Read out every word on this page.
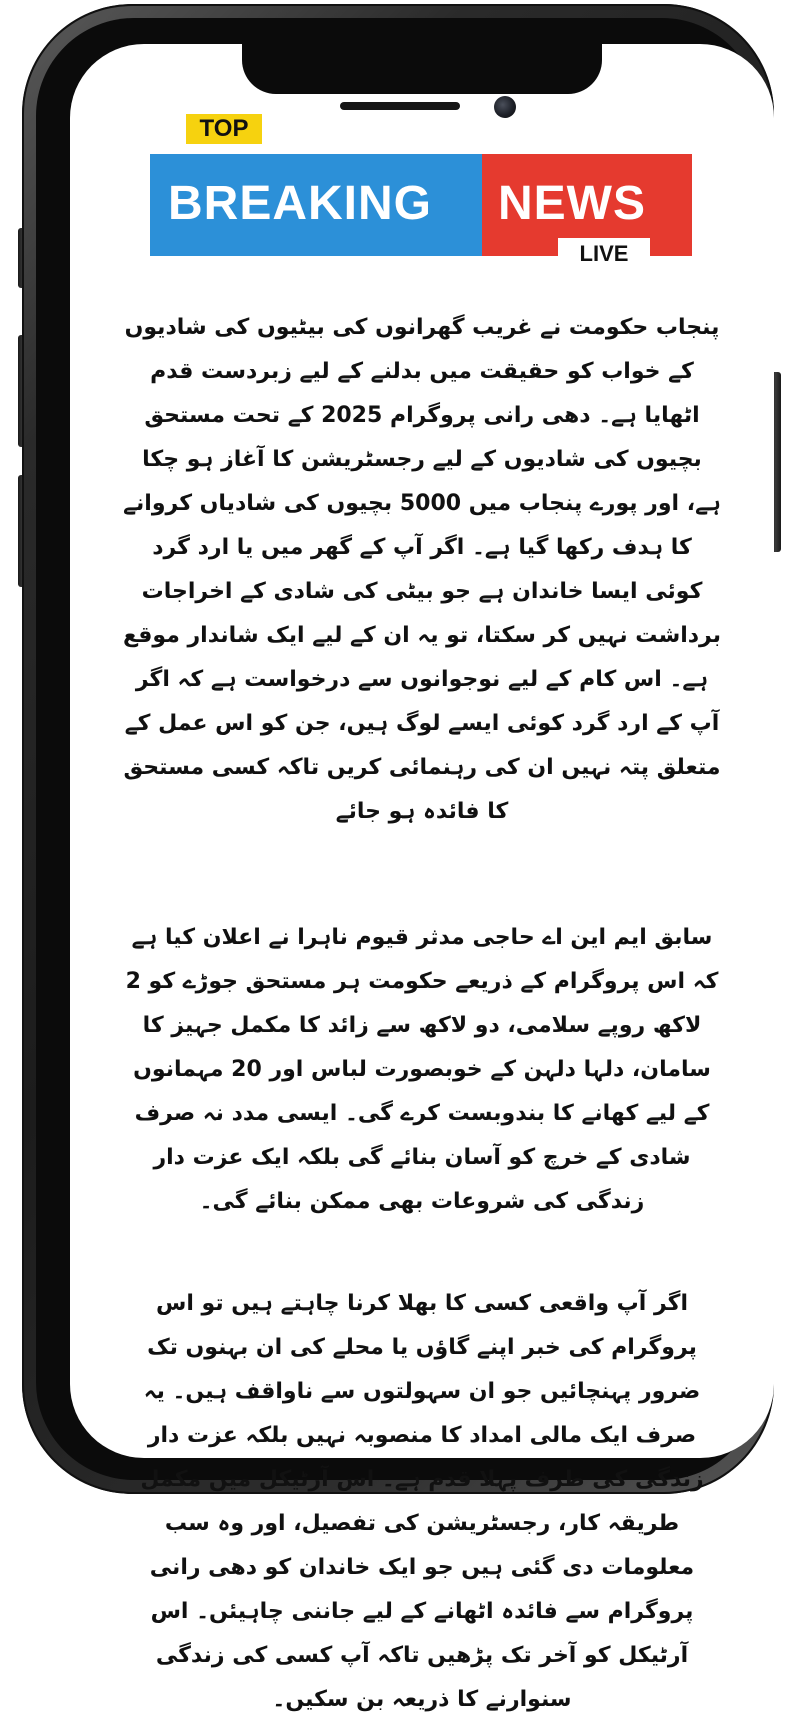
TOP
BREAKING NEWS
LIVE

پنجاب حکومت نے غریب گھرانوں کی بیٹیوں کی شادیوں کے خواب کو حقیقت میں بدلنے کے لیے زبردست قدم اٹھایا ہے۔ دھی رانی پروگرام 2025 کے تحت مستحق بچیوں کی شادیوں کے لیے رجسٹریشن کا آغاز ہو چکا ہے، اور پورے پنجاب میں 5000 بچیوں کی شادیاں کروانے کا ہدف رکھا گیا ہے۔ اگر آپ کے گھر میں یا ارد گرد کوئی ایسا خاندان ہے جو بیٹی کی شادی کے اخراجات برداشت نہیں کر سکتا، تو یہ ان کے لیے ایک شاندار موقع ہے۔ اس کام کے لیے نوجوانوں سے درخواست ہے کہ اگر آپ کے ارد گرد کوئی ایسے لوگ ہیں، جن کو اس عمل کے متعلق پتہ نہیں ان کی رہنمائی کریں تاکہ کسی مستحق کا فائدہ ہو جائے

سابق ایم این اے حاجی مدثر قیوم ناہرا نے اعلان کیا ہے کہ اس پروگرام کے ذریعے حکومت ہر مستحق جوڑے کو 2 لاکھ روپے سلامی، دو لاکھ سے زائد کا مکمل جہیز کا سامان، دلہا دلہن کے خوبصورت لباس اور 20 مہمانوں کے لیے کھانے کا بندوبست کرے گی۔ ایسی مدد نہ صرف شادی کے خرچ کو آسان بنائے گی بلکہ ایک عزت دار زندگی کی شروعات بھی ممکن بنائے گی۔

اگر آپ واقعی کسی کا بھلا کرنا چاہتے ہیں تو اس پروگرام کی خبر اپنے گاؤں یا محلے کی ان بہنوں تک ضرور پہنچائیں جو ان سہولتوں سے ناواقف ہیں۔ یہ صرف ایک مالی امداد کا منصوبہ نہیں بلکہ عزت دار زندگی کی طرف پہلا قدم ہے۔ اس آرٹیکل میں مکمل طریقہ کار، رجسٹریشن کی تفصیل، اور وہ سب معلومات دی گئی ہیں جو ایک خاندان کو دھی رانی پروگرام سے فائدہ اٹھانے کے لیے جاننی چاہیئں۔ اس آرٹیکل کو آخر تک پڑھیں تاکہ آپ کسی کی زندگی سنوارنے کا ذریعہ بن سکیں۔
